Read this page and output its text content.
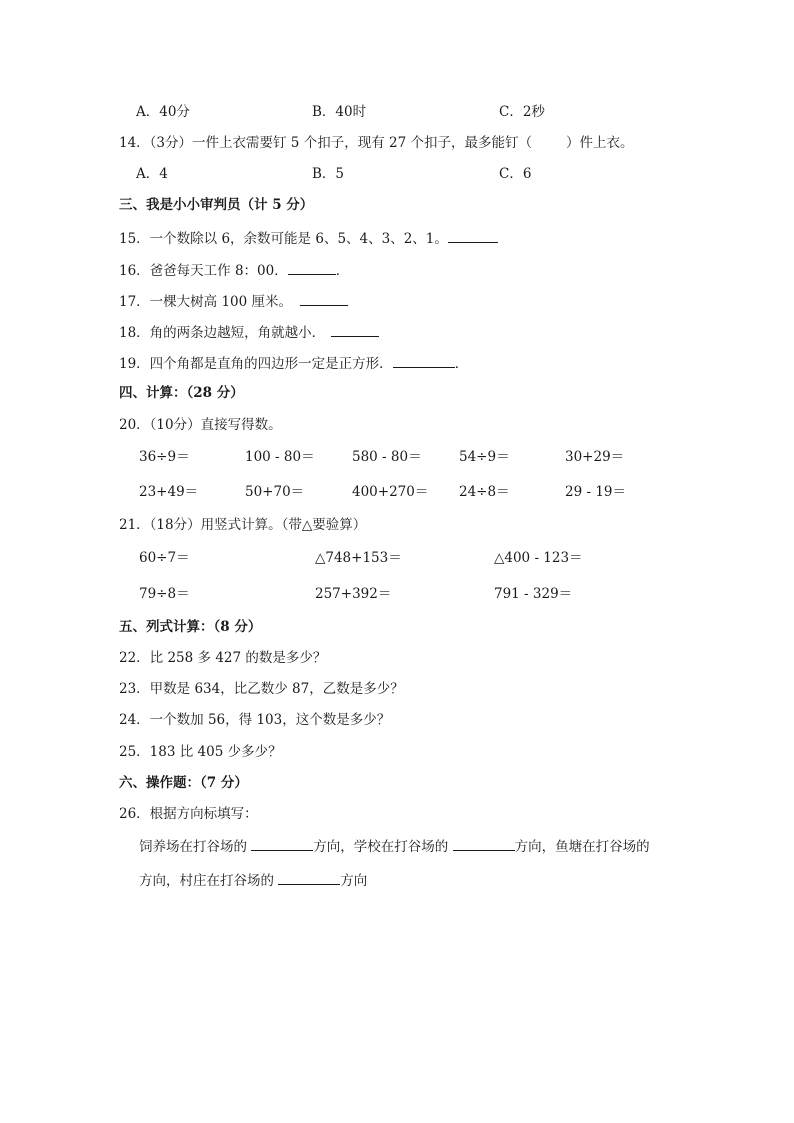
A．40分	B．40时	C．2秒
14．（3分）一件上衣需要钉 5 个扣子，现有 27 个扣子，最多能钉（	）件上衣。
A．4	B．5	C．6
三、我是小小审判员（计 5 分）
15．一个数除以 6，余数可能是 6、5、4、3、2、1。
16．爸爸每天工作 8：00．	．
17．一棵大树高 100 厘米。
18．角的两条边越短，角就越小．
19．四个角都是直角的四边形一定是正方形．	．
四、计算：（28 分）
20．（10分）直接写得数。
36÷9＝	100 - 80＝	580 - 80＝	54÷9＝	30+29＝
23+49＝	50+70＝	400+270＝ 24÷8＝	29 - 19＝
21．（18分）用竖式计算。（带△要验算）
60÷7＝	△748+153＝	△400 - 123＝
79÷8＝	257+392＝	791 - 329＝
五、列式计算：（8 分）
22．比 258 多 427 的数是多少？
23．甲数是 634，比乙数少 87，乙数是多少？
24．一个数加 56，得 103，这个数是多少？
25．183 比 405 少多少？
六、操作题：（7 分）
26．根据方向标填写：
饲养场在打谷场的	方向，学校在打谷场的	方向，鱼塘在打谷场的
方向，村庄在打谷场的	方向
